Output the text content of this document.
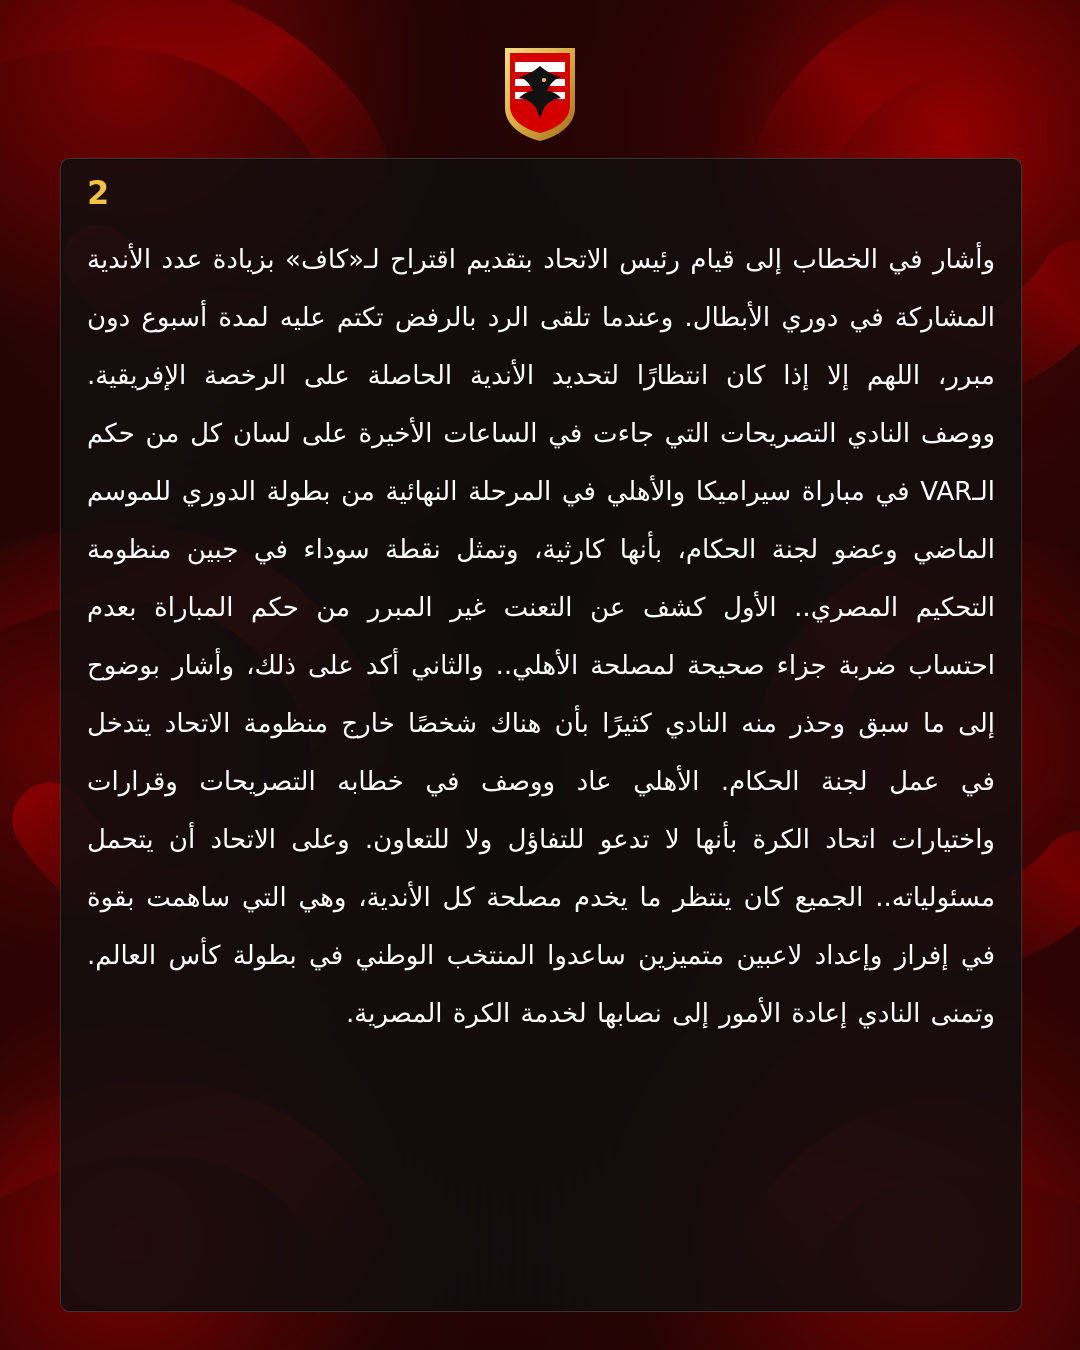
2
وأشار في الخطاب إلى قيام رئيس الاتحاد بتقديم اقتراح لـ«كاف» بزيادة عدد الأندية المشاركة في دوري الأبطال. وعندما تلقى الرد بالرفض تكتم عليه لمدة أسبوع دون مبرر، اللهم إلا إذا كان انتظارًا لتحديد الأندية الحاصلة على الرخصة الإفريقية. ووصف النادي التصريحات التي جاءت في الساعات الأخيرة على لسان كل من حكم الـVAR في مباراة سيراميكا والأهلي في المرحلة النهائية من بطولة الدوري للموسم الماضي وعضو لجنة الحكام، بأنها كارثية، وتمثل نقطة سوداء في جبين منظومة التحكيم المصري.. الأول كشف عن التعنت غير المبرر من حكم المباراة بعدم احتساب ضربة جزاء صحيحة لمصلحة الأهلي.. والثاني أكد على ذلك، وأشار بوضوح إلى ما سبق وحذر منه النادي كثيرًا بأن هناك شخصًا خارج منظومة الاتحاد يتدخل في عمل لجنة الحكام. الأهلي عاد ووصف في خطابه التصريحات وقرارات واختيارات اتحاد الكرة بأنها لا تدعو للتفاؤل ولا للتعاون. وعلى الاتحاد أن يتحمل مسئولياته.. الجميع كان ينتظر ما يخدم مصلحة كل الأندية، وهي التي ساهمت بقوة في إفراز وإعداد لاعبين متميزين ساعدوا المنتخب الوطني في بطولة كأس العالم. وتمنى النادي إعادة الأمور إلى نصابها لخدمة الكرة المصرية.
